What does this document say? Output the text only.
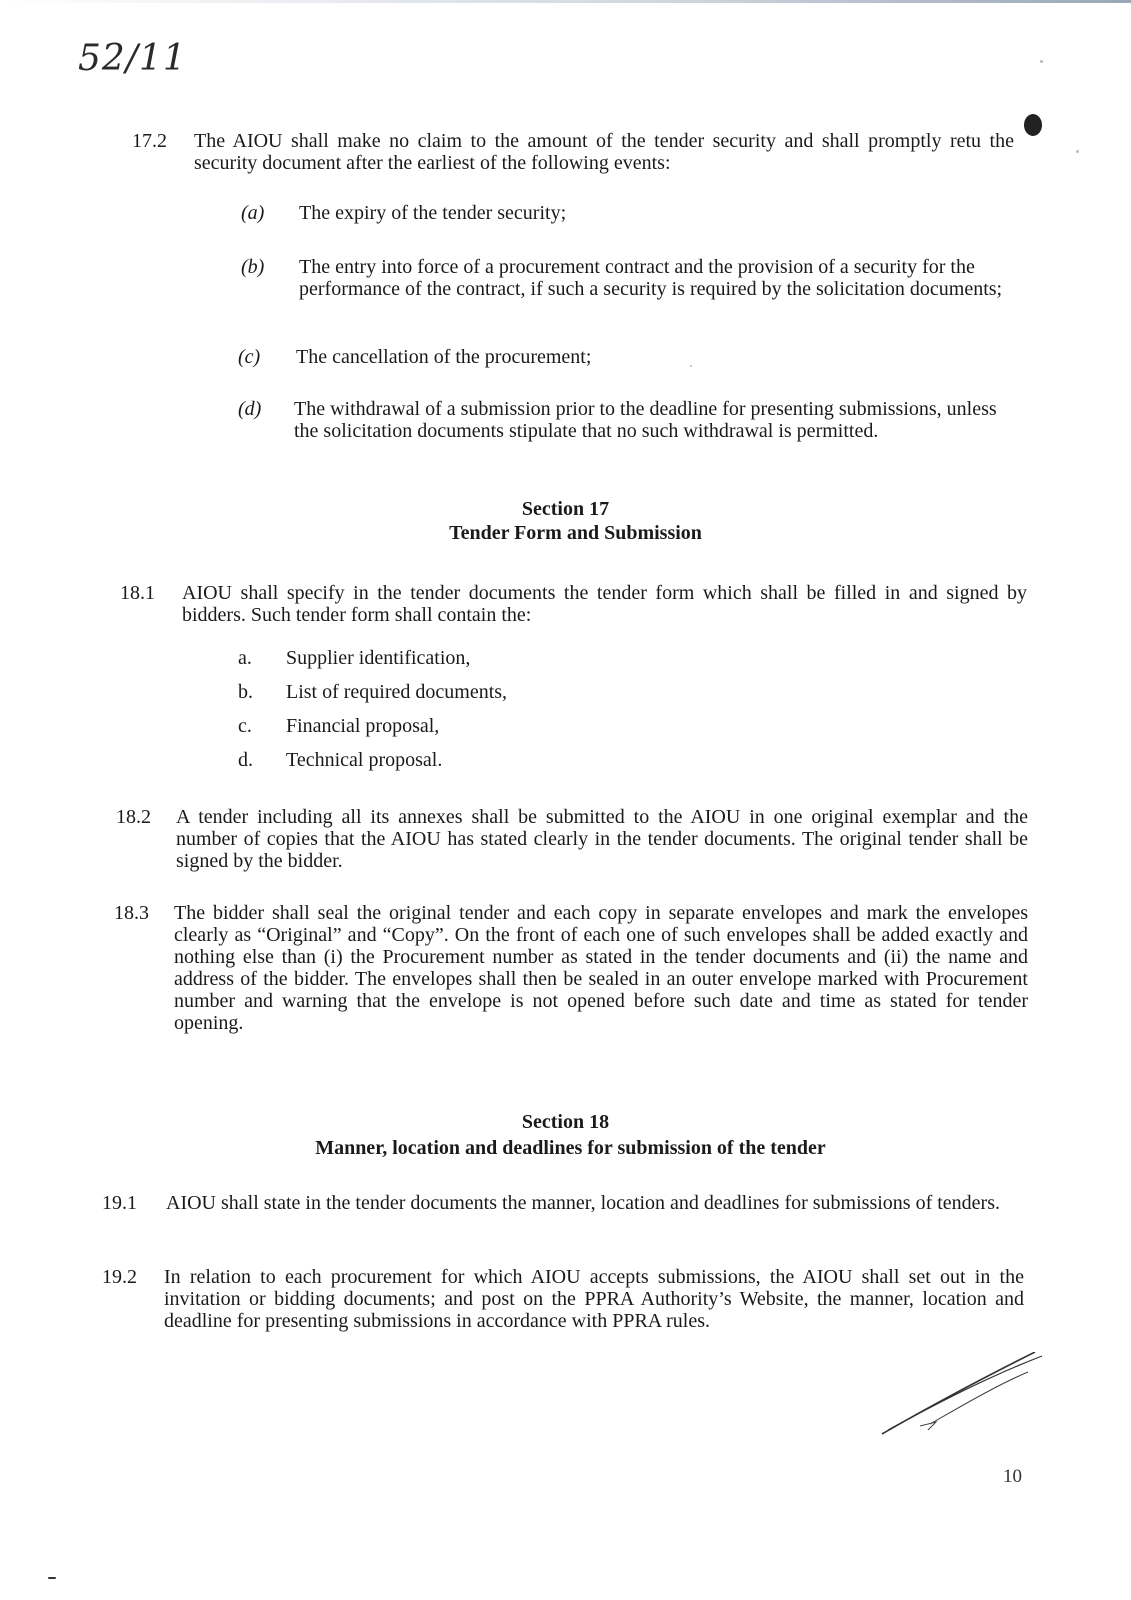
52/11
17.2 The AIOU shall make no claim to the amount of the tender security and shall promptly retu the security document after the earliest of the following events:
(a) The expiry of the tender security;
(b) The entry into force of a procurement contract and the provision of a security for the performance of the contract, if such a security is required by the solicitation documents;
(c) The cancellation of the procurement;
(d) The withdrawal of a submission prior to the deadline for presenting submissions, unless the solicitation documents stipulate that no such withdrawal is permitted.
Section 17
Tender Form and Submission
18.1 AIOU shall specify in the tender documents the tender form which shall be filled in and signed by bidders. Such tender form shall contain the:
a. Supplier identification,
b. List of required documents,
c. Financial proposal,
d. Technical proposal.
18.2 A tender including all its annexes shall be submitted to the AIOU in one original exemplar and the number of copies that the AIOU has stated clearly in the tender documents. The original tender shall be signed by the bidder.
18.3 The bidder shall seal the original tender and each copy in separate envelopes and mark the envelopes clearly as “Original” and “Copy”. On the front of each one of such envelopes shall be added exactly and nothing else than (i) the Procurement number as stated in the tender documents and (ii) the name and address of the bidder. The envelopes shall then be sealed in an outer envelope marked with Procurement number and warning that the envelope is not opened before such date and time as stated for tender opening.
Section 18
Manner, location and deadlines for submission of the tender
19.1 AIOU shall state in the tender documents the manner, location and deadlines for submissions of tenders.
19.2 In relation to each procurement for which AIOU accepts submissions, the AIOU shall set out in the invitation or bidding documents; and post on the PPRA Authority’s Website, the manner, location and deadline for presenting submissions in accordance with PPRA rules.
10
